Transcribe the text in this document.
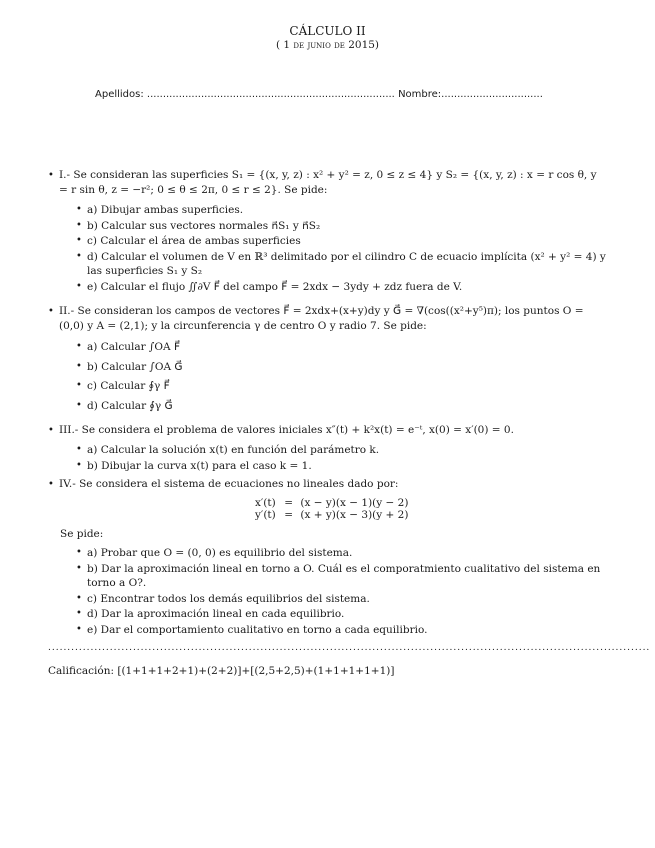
CÁLCULO II
( 1 de junio de 2015)
Apellidos: .............................................................................. Nombre:................................
• I.- Se consideran las superficies S₁ = {(x, y, z) : x² + y² = z, 0 ≤ z ≤ 4} y S₂ = {(x, y, z) : x = r cos θ, y = r sin θ, z = −r²; 0 ≤ θ ≤ 2π, 0 ≤ r ≤ 2}. Se pide:
• a) Dibujar ambas superficies.
• b) Calcular sus vectores normales n⃗S₁ y n⃗S₂
• c) Calcular el área de ambas superficies
• d) Calcular el volumen de V en ℝ³ delimitado por el cilindro C de ecuacio implícita (x² + y² = 4) y las superficies S₁ y S₂
• e) Calcular el flujo ∬∂V F⃗ del campo F⃗ = 2xdx − 3ydy + zdz fuera de V.
• II.- Se consideran los campos de vectores F⃗ = 2xdx+(x+y)dy y G⃗ = ∇(cos((x²+y⁵)π); los puntos O = (0,0) y A = (2,1); y la circunferencia γ de centro O y radio 7. Se pide:
• a) Calcular ∫OA F⃗
• b) Calcular ∫OA G⃗
• c) Calcular ∮γ F⃗
• d) Calcular ∮γ G⃗
• III.- Se considera el problema de valores iniciales x″(t) + k²x(t) = e⁻ᵗ, x(0) = x′(0) = 0.
• a) Calcular la solución x(t) en función del parámetro k.
• b) Dibujar la curva x(t) para el caso k = 1.
• IV.- Se considera el sistema de ecuaciones no lineales dado por:
x′(t)	=	(x − y)(x − 1)(y − 2)
y′(t)	=	(x + y)(x − 3)(y + 2)
Se pide:
• a) Probar que O = (0, 0) es equilibrio del sistema.
• b) Dar la aproximación lineal en torno a O. Cuál es el comporatmiento cualitativo del sistema en torno a O?.
• c) Encontrar todos los demás equilibrios del sistema.
• d) Dar la aproximación lineal en cada equilibrio.
• e) Dar el comportamiento cualitativo en torno a cada equilibrio.
............................................................................................................................................................
Calificación: [(1+1+1+2+1)+(2+2)]+[(2,5+2,5)+(1+1+1+1+1)]
